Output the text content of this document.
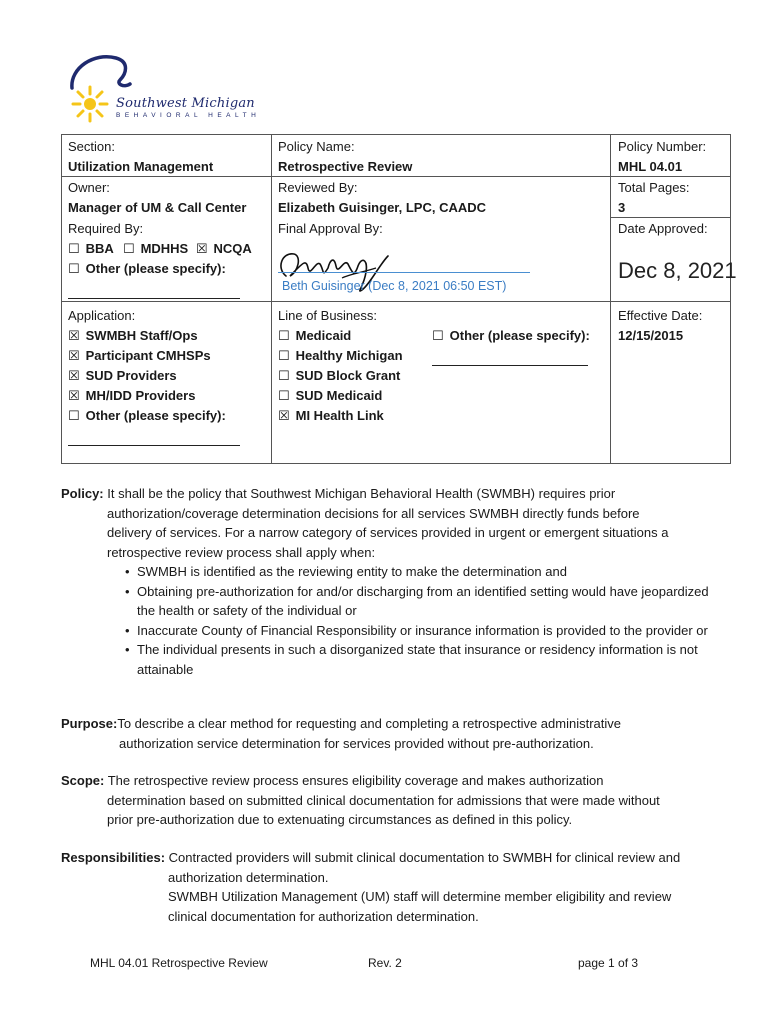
Southwest Michigan
BEHAVIORAL HEALTH
Section:
Utilization Management
Policy Name:
Retrospective Review
Policy Number:
MHL 04.01
Owner:
Manager of UM & Call Center
Required By:
☐ BBA ☐ MDHHS ☒ NCQA
☐ Other (please specify):
Reviewed By:
Elizabeth Guisinger, LPC, CAADC
Final Approval By:
Total Pages:
3
Date Approved:
Dec 8, 2021
Beth Guisinger (Dec 8, 2021 06:50 EST)
Application:
☒ SWMBH Staff/Ops
☒ Participant CMHSPs
☒ SUD Providers
☒ MH/IDD Providers
☐ Other (please specify):
Line of Business:
☐ Medicaid
☐ Healthy Michigan
☐ SUD Block Grant
☐ SUD Medicaid
☒ MI Health Link
☐ Other (please specify):
Effective Date:
12/15/2015
Policy: It shall be the policy that Southwest Michigan Behavioral Health (SWMBH) requires prior
authorization/coverage determination decisions for all services SWMBH directly funds before
delivery of services. For a narrow category of services provided in urgent or emergent situations a
retrospective review process shall apply when:
• SWMBH is identified as the reviewing entity to make the determination and
• Obtaining pre-authorization for and/or discharging from an identified setting would have jeopardized the health or safety of the individual or
• Inaccurate County of Financial Responsibility or insurance information is provided to the provider or
• The individual presents in such a disorganized state that insurance or residency information is not attainable
Purpose:To describe a clear method for requesting and completing a retrospective administrative
authorization service determination for services provided without pre-authorization.
Scope: The retrospective review process ensures eligibility coverage and makes authorization
determination based on submitted clinical documentation for admissions that were made without
prior pre-authorization due to extenuating circumstances as defined in this policy.
Responsibilities: Contracted providers will submit clinical documentation to SWMBH for clinical review and
authorization determination.
SWMBH Utilization Management (UM) staff will determine member eligibility and review
clinical documentation for authorization determination.
MHL 04.01 Retrospective Review	Rev. 2	page 1 of 3
